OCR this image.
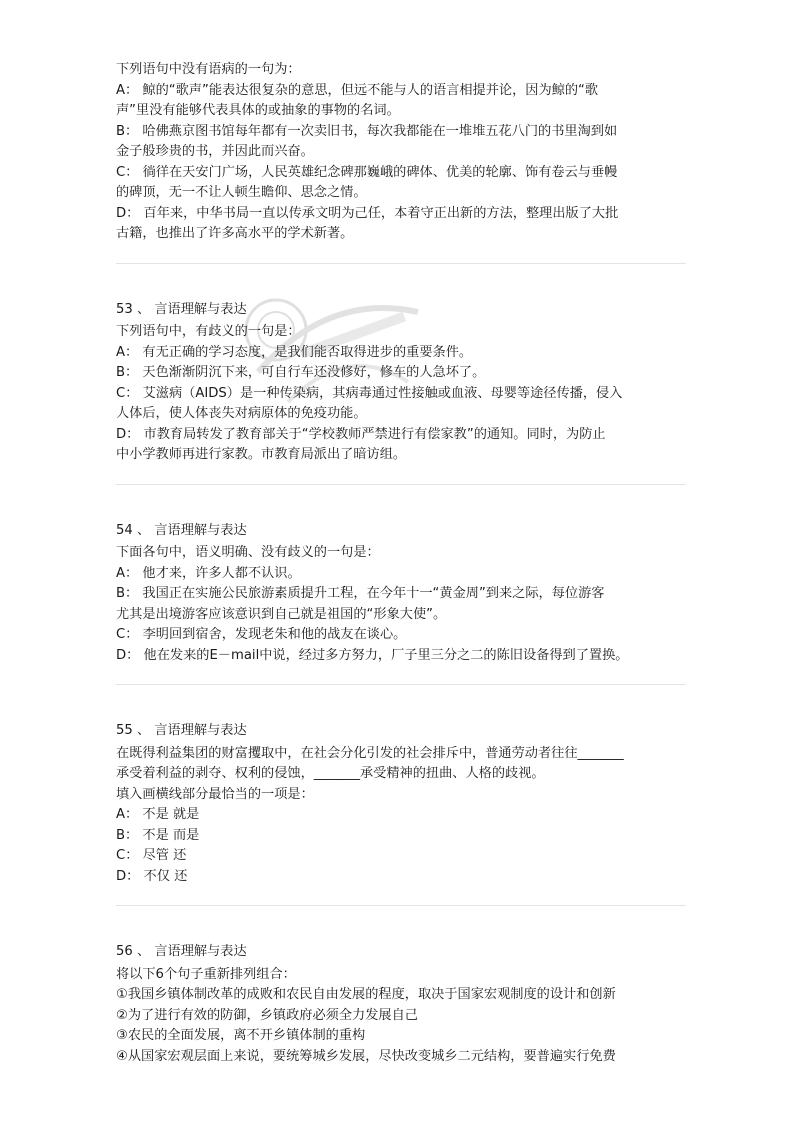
下列语句中没有语病的一句为：
A： 鲸的“歌声”能表达很复杂的意思，但远不能与人的语言相提并论，因为鲸的“歌
声”里没有能够代表具体的或抽象的事物的名词。
B： 哈佛燕京图书馆每年都有一次卖旧书，每次我都能在一堆堆五花八门的书里淘到如
金子般珍贵的书，并因此而兴奋。
C： 徜徉在天安门广场，人民英雄纪念碑那巍峨的碑体、优美的轮廓、饰有卷云与垂幔
的碑顶，无一不让人顿生瞻仰、思念之情。
D： 百年来，中华书局一直以传承文明为己任，本着守正出新的方法，整理出版了大批
古籍，也推出了许多高水平的学术新著。
53 、 言语理解与表达
下列语句中，有歧义的一句是：
A： 有无正确的学习态度，是我们能否取得进步的重要条件。
B： 天色渐渐阴沉下来，可自行车还没修好，修车的人急坏了。
C： 艾滋病（AIDS）是一种传染病，其病毒通过性接触或血液、母婴等途径传播，侵入
人体后，使人体丧失对病原体的免疫功能。
D： 市教育局转发了教育部关于“学校教师严禁进行有偿家教”的通知。同时，为防止
中小学教师再进行家教。市教育局派出了暗访组。
54 、 言语理解与表达
下面各句中，语义明确、没有歧义的一句是：
A： 他才来，许多人都不认识。
B： 我国正在实施公民旅游素质提升工程，在今年十一“黄金周”到来之际，每位游客
尤其是出境游客应该意识到自己就是祖国的“形象大使”。
C： 李明回到宿舍，发现老朱和他的战友在谈心。
D： 他在发来的E－mail中说，经过多方努力，厂子里三分之二的陈旧设备得到了置换。
55 、 言语理解与表达
在既得利益集团的财富攫取中，在社会分化引发的社会排斥中，普通劳动者往往_______
承受着利益的剥夺、权利的侵蚀，_______承受精神的扭曲、人格的歧视。
填入画横线部分最恰当的一项是：
A： 不是 就是
B： 不是 而是
C： 尽管 还
D： 不仅 还
56 、 言语理解与表达
将以下6个句子重新排列组合：
①我国乡镇体制改革的成败和农民自由发展的程度，取决于国家宏观制度的设计和创新
②为了进行有效的防御，乡镇政府必须全力发展自己
③农民的全面发展，离不开乡镇体制的重构
④从国家宏观层面上来说，要统筹城乡发展，尽快改变城乡二元结构，要普遍实行免费
